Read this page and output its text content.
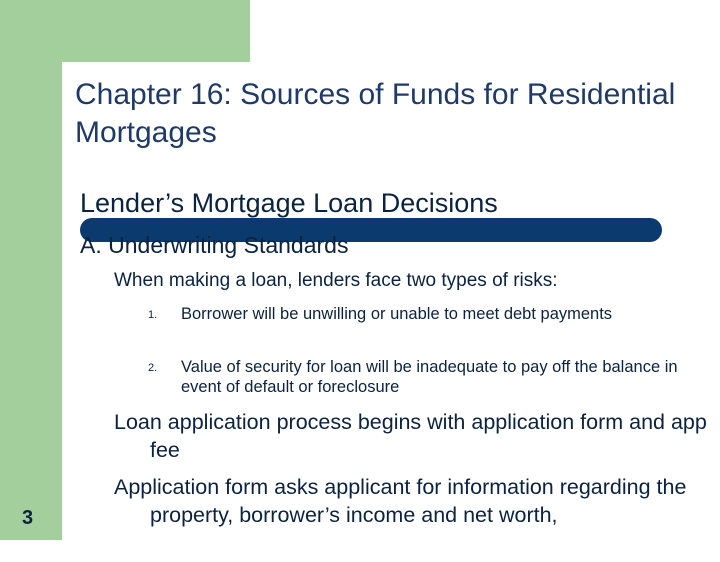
Chapter 16: Sources of Funds for Residential Mortgages
Lender’s Mortgage Loan Decisions
A. Underwriting Standards
When making a loan, lenders face two types of risks:
1. Borrower will be unwilling or unable to meet debt payments
2. Value of security for loan will be inadequate to pay off the balance in event of default or foreclosure
Loan application process begins with application form and app fee
Application form asks applicant for information regarding the property, borrower’s income and net worth,
3
